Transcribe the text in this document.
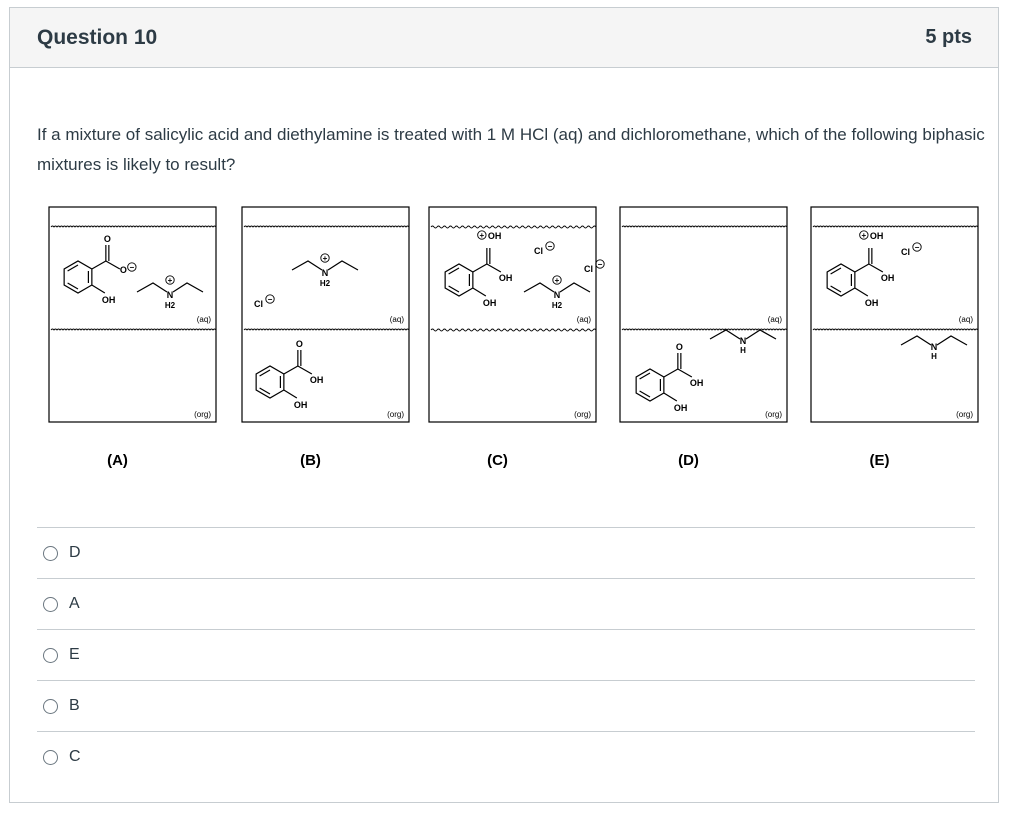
Question 10	5 pts
If a mixture of salicylic acid and diethylamine is treated with 1 M HCl (aq) and dichloromethane, which of the following biphasic mixtures is likely to result?
(aq)
(org)
(A)
O
O −
OH
+
N
H2
(aq)
(org)
(B)
+
N
H2
Cl −
O
OH
OH
(aq)
(org)
(C)
+ OH
OH
OH
Cl −
Cl −
+
N
H2
(aq)
(org)
(D)
O
OH
OH
N
H
(aq)
(org)
(E)
+ OH
OH
OH
Cl −
N
H
D
A
E
B
C
